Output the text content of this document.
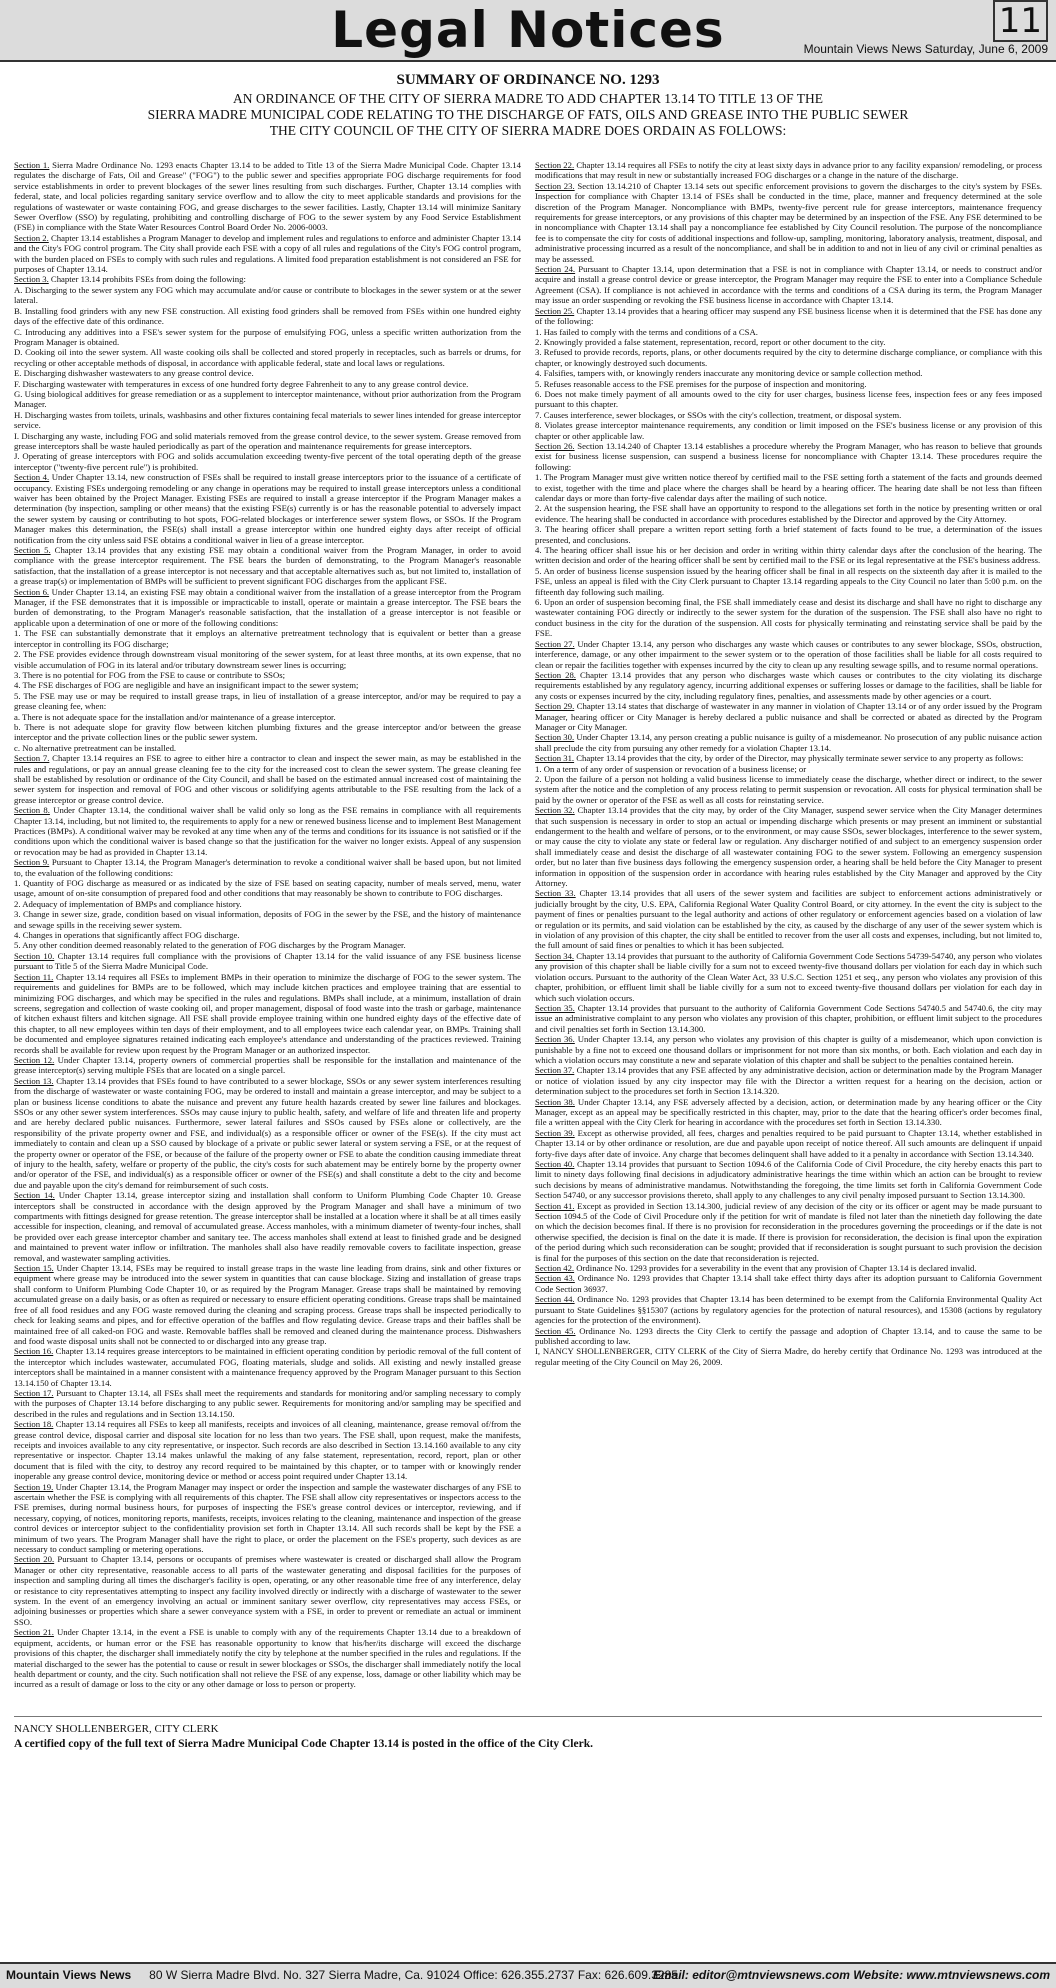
Legal Notices	11
Mountain Views News Saturday, June 6, 2009
SUMMARY OF ORDINANCE NO. 1293
AN ORDINANCE OF THE CITY OF SIERRA MADRE TO ADD CHAPTER 13.14 TO TITLE 13 OF THE
SIERRA MADRE MUNICIPAL CODE RELATING TO THE DISCHARGE OF FATS, OILS AND GREASE INTO THE PUBLIC SEWER
THE CITY COUNCIL OF THE CITY OF SIERRA MADRE DOES ORDAIN AS FOLLOWS:

Section 1. Sierra Madre Ordinance No. 1293 enacts Chapter 13.14 to be added to Title 13 of the Sierra Madre Municipal Code. Chapter 13.14 regulates the discharge of Fats, Oil and Grease" ("FOG") to the public sewer and specifies appropriate FOG discharge requirements for food service establishments in order to prevent blockages of the sewer lines resulting from such discharges. Further, Chapter 13.14 complies with federal, state, and local policies regarding sanitary service overflow and to allow the city to meet applicable standards and provisions for the regulations of wastewater or waste containing FOG, and grease discharges to the sewer facilities. Lastly, Chapter 13.14 will minimize Sanitary Sewer Overflow (SSO) by regulating, prohibiting and controlling discharge of FOG to the sewer system by any Food Service Establishment (FSE) in compliance with the State Water Resources Control Board Order No. 2006-0003.

Section 2. Chapter 13.14 establishes a Program Manager to develop and implement rules and regulations to enforce and administer Chapter 13.14 and the City's FOG control program. The City shall provide each FSE with a copy of all rules and regulations of the City's FOG control program, with the burden placed on FSEs to comply with such rules and regulations. A limited food preparation establishment is not considered an FSE for purposes of Chapter 13.14.

Section 3. Chapter 13.14 prohibits FSEs from doing the following:

A. Discharging to the sewer system any FOG which may accumulate and/or cause or contribute to blockages in the sewer system or at the sewer lateral.

B. Installing food grinders with any new FSE construction. All existing food grinders shall be removed from FSEs within one hundred eighty days of the effective date of this ordinance.

C. Introducing any additives into a FSE's sewer system for the purpose of emulsifying FOG, unless a specific written authorization from the Program Manager is obtained.

D. Cooking oil into the sewer system. All waste cooking oils shall be collected and stored properly in receptacles, such as barrels or drums, for recycling or other acceptable methods of disposal, in accordance with applicable federal, state and local laws or regulations.

E. Discharging dishwasher wastewaters to any grease control device.

F. Discharging wastewater with temperatures in excess of one hundred forty degree Fahrenheit to any to any grease control device.

G. Using biological additives for grease remediation or as a supplement to interceptor maintenance, without prior authorization from the Program Manager.

H. Discharging wastes from toilets, urinals, washbasins and other fixtures containing fecal materials to sewer lines intended for grease interceptor service.

I. Discharging any waste, including FOG and solid materials removed from the grease control device, to the sewer system. Grease removed from grease interceptors shall be waste hauled periodically as part of the operation and maintenance requirements for grease interceptors.

J. Operating of grease interceptors with FOG and solids accumulation exceeding twenty-five percent of the total operating depth of the grease interceptor ("twenty-five percent rule") is prohibited.

Section 4. Under Chapter 13.14, new construction of FSEs shall be required to install grease interceptors prior to the issuance of a certificate of occupancy. Existing FSEs undergoing remodeling or any change in operations may be required to install grease interceptors unless a conditional waiver has been obtained by the Project Manager. Existing FSEs are required to install a grease interceptor if the Program Manager makes a determination (by inspection, sampling or other means) that the existing FSE(s) currently is or has the reasonable potential to adversely impact the sewer system by causing or contributing to hot spots, FOG-related blockages or interference sewer system flows, or SSOs. If the Program Manager makes this determination, the FSE(s) shall install a grease interceptor within one hundred eighty days after receipt of official notification from the city unless said FSE obtains a conditional waiver in lieu of a grease interceptor.

Section 5. Chapter 13.14 provides that any existing FSE may obtain a conditional waiver from the Program Manager, in order to avoid compliance with the grease interceptor requirement. The FSE bears the burden of demonstrating, to the Program Manager's reasonable satisfaction, that the installation of a grease interceptor is not necessary and that acceptable alternatives such as, but not limited to, installation of a grease trap(s) or implementation of BMPs will be sufficient to prevent significant FOG discharges from the applicant FSE.

Section 6. Under Chapter 13.14, an existing FSE may obtain a conditional waiver from the installation of a grease interceptor from the Program Manager, if the FSE demonstrates that it is impossible or impracticable to install, operate or maintain a grease interceptor. The FSE bears the burden of demonstrating, to the Program Manager's reasonable satisfaction, that the installation of a grease interceptor is not feasible or applicable upon a determination of one or more of the following conditions:

1. The FSE can substantially demonstrate that it employs an alternative pretreatment technology that is equivalent or better than a grease interceptor in controlling its FOG discharge;

2. The FSE provides evidence through downstream visual monitoring of the sewer system, for at least three months, at its own expense, that no visible accumulation of FOG in its lateral and/or tributary downstream sewer lines is occurring;

3. There is no potential for FOG from the FSE to cause or contribute to SSOs;

4. The FSE discharges of FOG are negligible and have an insignificant impact to the sewer system;

5. The FSE may use or may be required to install grease traps, in lieu of installation of a grease interceptor, and/or may be required to pay a grease cleaning fee, when:

a. There is not adequate space for the installation and/or maintenance of a grease interceptor.

b. There is not adequate slope for gravity flow between kitchen plumbing fixtures and the grease interceptor and/or between the grease interceptor and the private collection lines or the public sewer system.

c. No alternative pretreatment can be installed.

Section 7. Chapter 13.14 requires an FSE to agree to either hire a contractor to clean and inspect the sewer main, as may be established in the rules and regulations, or pay an annual grease cleaning fee to the city for the increased cost to clean the sewer system. The grease cleaning fee shall be established by resolution or ordinance of the City Council, and shall be based on the estimated annual increased cost of maintaining the sewer system for inspection and removal of FOG and other viscous or solidifying agents attributable to the FSE resulting from the lack of a grease interceptor or grease control device.

Section 8. Under Chapter 13.14, the conditional waiver shall be valid only so long as the FSE remains in compliance with all requirements Chapter 13.14, including, but not limited to, the requirements to apply for a new or renewed business license and to implement Best Management Practices (BMPs). A conditional waiver may be revoked at any time when any of the terms and conditions for its issuance is not satisfied or if the conditions upon which the conditional waiver is based change so that the justification for the waiver no longer exists. Appeal of any suspension or revocation may be had as provided in Chapter 13.14.

Section 9. Pursuant to Chapter 13.14, the Program Manager's determination to revoke a conditional waiver shall be based upon, but not limited to, the evaluation of the following conditions:

1. Quantity of FOG discharge as measured or as indicated by the size of FSE based on seating capacity, number of meals served, menu, water usage, amount of on-site consumption of prepared food and other conditions that may reasonably be shown to contribute to FOG discharges.

2. Adequacy of implementation of BMPs and compliance history.

3. Change in sewer size, grade, condition based on visual information, deposits of FOG in the sewer by the FSE, and the history of maintenance and sewage spills in the receiving sewer system.

4. Changes in operations that significantly affect FOG discharge.

5. Any other condition deemed reasonably related to the generation of FOG discharges by the Program Manager.

Section 10. Chapter 13.14 requires full compliance with the provisions of Chapter 13.14 for the valid issuance of any FSE business license pursuant to Title 5 of the Sierra Madre Municipal Code.

Section 11. Chapter 13.14 requires all FSEs to implement BMPs in their operation to minimize the discharge of FOG to the sewer system. The requirements and guidelines for BMPs are to be followed, which may include kitchen practices and employee training that are essential to minimizing FOG discharges, and which may be specified in the rules and regulations. BMPs shall include, at a minimum, installation of drain screens, segregation and collection of waste cooking oil, and proper management, disposal of food waste into the trash or garbage, maintenance of kitchen exhaust filters and kitchen signage. All FSE shall provide employee training within one hundred eighty days of the effective date of this chapter, to all new employees within ten days of their employment, and to all employees twice each calendar year, on BMPs. Training shall be documented and employee signatures retained indicating each employee's attendance and understanding of the practices reviewed. Training records shall be available for review upon request by the Program Manager or an authorized inspector.

Section 12. Under Chapter 13.14, property owners of commercial properties shall be responsible for the installation and maintenance of the grease interceptor(s) serving multiple FSEs that are located on a single parcel.

Section 13. Chapter 13.14 provides that FSEs found to have contributed to a sewer blockage, SSOs or any sewer system interferences resulting from the discharge of wastewater or waste containing FOG, may be ordered to install and maintain a grease interceptor, and may be subject to a plan or business license conditions to abate the nuisance and prevent any future health hazards created by sewer line failures and blockages. SSOs or any other sewer system interferences. SSOs may cause injury to public health, safety, and welfare of life and threaten life and property and are hereby declared public nuisances. Furthermore, sewer lateral failures and SSOs caused by FSEs alone or collectively, are the responsibility of the private property owner and FSE, and individual(s) as a responsible officer or owner of the FSE(s). If the city must act immediately to contain and clean up a SSO caused by blockage of a private or public sewer lateral or system serving a FSE, or at the request of the property owner or operator of the FSE, or because of the failure of the property owner or FSE to abate the condition causing immediate threat of injury to the health, safety, welfare or property of the public, the city's costs for such abatement may be entirely borne by the property owner and/or operator of the FSE, and individual(s) as a responsible officer or owner of the FSE(s) and shall constitute a debt to the city and become due and payable upon the city's demand for reimbursement of such costs.

Section 14. Under Chapter 13.14, grease interceptor sizing and installation shall conform to Uniform Plumbing Code Chapter 10. Grease interceptors shall be constructed in accordance with the design approved by the Program Manager and shall have a minimum of two compartments with fittings designed for grease retention. The grease interceptor shall be installed at a location where it shall be at all times easily accessible for inspection, cleaning, and removal of accumulated grease. Access manholes, with a minimum diameter of twenty-four inches, shall be provided over each grease interceptor chamber and sanitary tee. The access manholes shall extend at least to finished grade and be designed and maintained to prevent water inflow or infiltration. The manholes shall also have readily removable covers to facilitate inspection, grease removal, and wastewater sampling activities.

Section 15. Under Chapter 13.14, FSEs may be required to install grease traps in the waste line leading from drains, sink and other fixtures or equipment where grease may be introduced into the sewer system in quantities that can cause blockage. Sizing and installation of grease traps shall conform to Uniform Plumbing Code Chapter 10, or as required by the Program Manager. Grease traps shall be maintained by removing accumulated grease on a daily basis, or as often as required or necessary to ensure efficient operating conditions. Grease traps shall be maintained free of all food residues and any FOG waste removed during the cleaning and scraping process. Grease traps shall be inspected periodically to check for leaking seams and pipes, and for effective operation of the baffles and flow regulating device. Grease traps and their baffles shall be maintained free of all caked-on FOG and waste. Removable baffles shall be removed and cleaned during the maintenance process. Dishwashers and food waste disposal units shall not be connected to or discharged into any grease trap.

Section 16. Chapter 13.14 requires grease interceptors to be maintained in efficient operating condition by periodic removal of the full content of the interceptor which includes wastewater, accumulated FOG, floating materials, sludge and solids. All existing and newly installed grease interceptors shall be maintained in a manner consistent with a maintenance frequency approved by the Program Manager pursuant to this Section 13.14.150 of Chapter 13.14.

Section 17. Pursuant to Chapter 13.14, all FSEs shall meet the requirements and standards for monitoring and/or sampling necessary to comply with the purposes of Chapter 13.14 before discharging to any public sewer. Requirements for monitoring and/or sampling may be specified and described in the rules and regulations and in Section 13.14.150.

Section 18. Chapter 13.14 requires all FSEs to keep all manifests, receipts and invoices of all cleaning, maintenance, grease removal of/from the grease control device, disposal carrier and disposal site location for no less than two years. The FSE shall, upon request, make the manifests, receipts and invoices available to any city representative, or inspector. Such records are also described in Section 13.14.160 available to any city representative or inspector. Chapter 13.14 makes unlawful the making of any false statement, representation, record, report, plan or other document that is filed with the city, to destroy any record required to be maintained by this chapter, or to tamper with or knowingly render inoperable any grease control device, monitoring device or method or access point required under Chapter 13.14.

Section 19. Under Chapter 13.14, the Program Manager may inspect or order the inspection and sample the wastewater discharges of any FSE to ascertain whether the FSE is complying with all requirements of this chapter. The FSE shall allow city representatives or inspectors access to the FSE premises, during normal business hours, for purposes of inspecting the FSE's grease control devices or interceptor, reviewing, and if necessary, copying, of notices, monitoring reports, manifests, receipts, invoices relating to the cleaning, maintenance and inspection of the grease control devices or interceptor subject to the confidentiality provision set forth in Chapter 13.14. All such records shall be kept by the FSE a minimum of two years. The Program Manager shall have the right to place, or order the placement on the FSE's property, such devices as are necessary to conduct sampling or metering operations.

Section 20. Pursuant to Chapter 13.14, persons or occupants of premises where wastewater is created or discharged shall allow the Program Manager or other city representative, reasonable access to all parts of the wastewater generating and disposal facilities for the purposes of inspection and sampling during all times the discharger's facility is open, operating, or any other reasonable time free of any interference, delay or resistance to city representatives attempting to inspect any facility involved directly or indirectly with a discharge of wastewater to the sewer system. In the event of an emergency involving an actual or imminent sanitary sewer overflow, city representatives may access FSEs, or adjoining businesses or properties which share a sewer conveyance system with a FSE, in order to prevent or remediate an actual or imminent SSO.

Section 21. Under Chapter 13.14, in the event a FSE is unable to comply with any of the requirements Chapter 13.14 due to a breakdown of equipment, accidents, or human error or the FSE has reasonable opportunity to know that his/her/its discharge will exceed the discharge provisions of this chapter, the discharger shall immediately notify the city by telephone at the number specified in the rules and regulations. If the material discharged to the sewer has the potential to cause or result in sewer blockages or SSOs, the discharger shall immediately notify the local health department or county, and the city. Such notification shall not relieve the FSE of any expense, loss, damage or other liability which may be incurred as a result of damage or loss to the city or any other damage or loss to person or property.

Section 22. Chapter 13.14 requires all FSEs to notify the city at least sixty days in advance prior to any facility expansion/ remodeling, or process modifications that may result in new or substantially increased FOG discharges or a change in the nature of the discharge.

Section 23. Section 13.14.210 of Chapter 13.14 sets out specific enforcement provisions to govern the discharges to the city's system by FSEs. Inspection for compliance with Chapter 13.14 of FSEs shall be conducted in the time, place, manner and frequency determined at the sole discretion of the Program Manager. Noncompliance with BMPs, twenty-five percent rule for grease interceptors, maintenance frequency requirements for grease interceptors, or any provisions of this chapter may be determined by an inspection of the FSE. Any FSE determined to be in noncompliance with Chapter 13.14 shall pay a noncompliance fee established by City Council resolution. The purpose of the noncompliance fee is to compensate the city for costs of additional inspections and follow-up, sampling, monitoring, laboratory analysis, treatment, disposal, and administrative processing incurred as a result of the noncompliance, and shall be in addition to and not in lieu of any civil or criminal penalties as may be assessed.

Section 24. Pursuant to Chapter 13.14, upon determination that a FSE is not in compliance with Chapter 13.14, or needs to construct and/or acquire and install a grease control device or grease interceptor, the Program Manager may require the FSE to enter into a Compliance Schedule Agreement (CSA). If compliance is not achieved in accordance with the terms and conditions of a CSA during its term, the Program Manager may issue an order suspending or revoking the FSE business license in accordance with Chapter 13.14.

Section 25. Chapter 13.14 provides that a hearing officer may suspend any FSE business license when it is determined that the FSE has done any of the following:

1. Has failed to comply with the terms and conditions of a CSA.

2. Knowingly provided a false statement, representation, record, report or other document to the city.

3. Refused to provide records, reports, plans, or other documents required by the city to determine discharge compliance, or compliance with this chapter, or knowingly destroyed such documents.

4. Falsifies, tampers with, or knowingly renders inaccurate any monitoring device or sample collection method.

5. Refuses reasonable access to the FSE premises for the purpose of inspection and monitoring.

6. Does not make timely payment of all amounts owed to the city for user charges, business license fees, inspection fees or any fees imposed pursuant to this chapter.

7. Causes interference, sewer blockages, or SSOs with the city's collection, treatment, or disposal system.

8. Violates grease interceptor maintenance requirements, any condition or limit imposed on the FSE's business license or any provision of this chapter or other applicable law.

Section 26. Section 13.14.240 of Chapter 13.14 establishes a procedure whereby the Program Manager, who has reason to believe that grounds exist for business license suspension, can suspend a business license for noncompliance with Chapter 13.14. These procedures require the following:

1. The Program Manager must give written notice thereof by certified mail to the FSE setting forth a statement of the facts and grounds deemed to exist, together with the time and place where the charges shall be heard by a hearing officer. The hearing date shall be not less than fifteen calendar days or more than forty-five calendar days after the mailing of such notice.

2. At the suspension hearing, the FSE shall have an opportunity to respond to the allegations set forth in the notice by presenting written or oral evidence. The hearing shall be conducted in accordance with procedures established by the Director and approved by the City Attorney.

3. The hearing officer shall prepare a written report setting forth a brief statement of facts found to be true, a determination of the issues presented, and conclusions.

4. The hearing officer shall issue his or her decision and order in writing within thirty calendar days after the conclusion of the hearing. The written decision and order of the hearing officer shall be sent by certified mail to the FSE or its legal representative at the FSE's business address.

5. An order of business license suspension issued by the hearing officer shall be final in all respects on the sixteenth day after it is mailed to the FSE, unless an appeal is filed with the City Clerk pursuant to Chapter 13.14 regarding appeals to the City Council no later than 5:00 p.m. on the fifteenth day following such mailing.

6. Upon an order of suspension becoming final, the FSE shall immediately cease and desist its discharge and shall have no right to discharge any wastewater containing FOG directly or indirectly to the sewer system for the duration of the suspension. The FSE shall also have no right to conduct business in the city for the duration of the suspension. All costs for physically terminating and reinstating service shall be paid by the FSE.

Section 27. Under Chapter 13.14, any person who discharges any waste which causes or contributes to any sewer blockage, SSOs, obstruction, interference, damage, or any other impairment to the sewer system or to the operation of those facilities shall be liable for all costs required to clean or repair the facilities together with expenses incurred by the city to clean up any resulting sewage spills, and to resume normal operations.

Section 28. Chapter 13.14 provides that any person who discharges waste which causes or contributes to the city violating its discharge requirements established by any regulatory agency, incurring additional expenses or suffering losses or damage to the facilities, shall be liable for any costs or expenses incurred by the city, including regulatory fines, penalties, and assessments made by other agencies or a court.

Section 29. Chapter 13.14 states that discharge of wastewater in any manner in violation of Chapter 13.14 or of any order issued by the Program Manager, hearing officer or City Manager is hereby declared a public nuisance and shall be corrected or abated as directed by the Program Manager or City Manager.

Section 30. Under Chapter 13.14, any person creating a public nuisance is guilty of a misdemeanor. No prosecution of any public nuisance action shall preclude the city from pursuing any other remedy for a violation Chapter 13.14.

Section 31. Chapter 13.14 provides that the city, by order of the Director, may physically terminate sewer service to any property as follows:

1. On a term of any order of suspension or revocation of a business license; or

2. Upon the failure of a person not holding a valid business license to immediately cease the discharge, whether direct or indirect, to the sewer system after the notice and the completion of any process relating to permit suspension or revocation. All costs for physical termination shall be paid by the owner or operator of the FSE as well as all costs for reinstating service.

Section 32. Chapter 13.14 provides that the city may, by order of the City Manager, suspend sewer service when the City Manager determines that such suspension is necessary in order to stop an actual or impending discharge which presents or may present an imminent or substantial endangerment to the health and welfare of persons, or to the environment, or may cause SSOs, sewer blockages, interference to the sewer system, or may cause the city to violate any state or federal law or regulation. Any discharger notified of and subject to an emergency suspension order shall immediately cease and desist the discharge of all wastewater containing FOG to the sewer system. Following an emergency suspension order, but no later than five business days following the emergency suspension order, a hearing shall be held before the City Manager to present information in opposition of the suspension order in accordance with hearing rules established by the City Manager and approved by the City Attorney.

Section 33. Chapter 13.14 provides that all users of the sewer system and facilities are subject to enforcement actions administratively or judicially brought by the city, U.S. EPA, California Regional Water Quality Control Board, or city attorney. In the event the city is subject to the payment of fines or penalties pursuant to the legal authority and actions of other regulatory or enforcement agencies based on a violation of law or regulation or its permits, and said violation can be established by the city, as caused by the discharge of any user of the sewer system which is in violation of any provision of this chapter, the city shall be entitled to recover from the user all costs and expenses, including, but not limited to, the full amount of said fines or penalties to which it has been subjected.

Section 34. Chapter 13.14 provides that pursuant to the authority of California Government Code Sections 54739-54740, any person who violates any provision of this chapter shall be liable civilly for a sum not to exceed twenty-five thousand dollars per violation for each day in which such violation occurs. Pursuant to the authority of the Clean Water Act, 33 U.S.C. Section 1251 et seq., any person who violates any provision of this chapter, prohibition, or effluent limit shall be liable civilly for a sum not to exceed twenty-five thousand dollars per violation for each day in which such violation occurs.

Section 35. Chapter 13.14 provides that pursuant to the authority of California Government Code Sections 54740.5 and 54740.6, the city may issue an administrative complaint to any person who violates any provision of this chapter, prohibition, or effluent limit subject to the procedures and civil penalties set forth in Section 13.14.300.

Section 36. Under Chapter 13.14, any person who violates any provision of this chapter is guilty of a misdemeanor, which upon conviction is punishable by a fine not to exceed one thousand dollars or imprisonment for not more than six months, or both. Each violation and each day in which a violation occurs may constitute a new and separate violation of this chapter and shall be subject to the penalties contained herein.

Section 37. Chapter 13.14 provides that any FSE affected by any administrative decision, action or determination made by the Program Manager or notice of violation issued by any city inspector may file with the Director a written request for a hearing on the decision, action or determination subject to the procedures set forth in Section 13.14.320.

Section 38. Under Chapter 13.14, any FSE adversely affected by a decision, action, or determination made by any hearing officer or the City Manager, except as an appeal may be specifically restricted in this chapter, may, prior to the date that the hearing officer's order becomes final, file a written appeal with the City Clerk for hearing in accordance with the procedures set forth in Section 13.14.330.

Section 39. Except as otherwise provided, all fees, charges and penalties required to be paid pursuant to Chapter 13.14, whether established in Chapter 13.14 or by other ordinance or resolution, are due and payable upon receipt of notice thereof. All such amounts are delinquent if unpaid forty-five days after date of invoice. Any charge that becomes delinquent shall have added to it a penalty in accordance with Section 13.14.340.

Section 40. Chapter 13.14 provides that pursuant to Section 1094.6 of the California Code of Civil Procedure, the city hereby enacts this part to limit to ninety days following final decisions in adjudicatory administrative hearings the time within which an action can be brought to review such decisions by means of administrative mandamus. Notwithstanding the foregoing, the time limits set forth in California Government Code Section 54740, or any successor provisions thereto, shall apply to any challenges to any civil penalty imposed pursuant to Section 13.14.300.

Section 41. Except as provided in Section 13.14.300, judicial review of any decision of the city or its officer or agent may be made pursuant to Section 1094.5 of the Code of Civil Procedure only if the petition for writ of mandate is filed not later than the ninetieth day following the date on which the decision becomes final. If there is no provision for reconsideration in the procedures governing the proceedings or if the date is not otherwise specified, the decision is final on the date it is made. If there is provision for reconsideration, the decision is final upon the expiration of the period during which such reconsideration can be sought; provided that if reconsideration is sought pursuant to such provision the decision is final for the purposes of this section on the date that reconsideration is rejected.

Section 42. Ordinance No. 1293 provides for a severability in the event that any provision of Chapter 13.14 is declared invalid.

Section 43. Ordinance No. 1293 provides that Chapter 13.14 shall take effect thirty days after its adoption pursuant to California Government Code Section 36937.

Section 44. Ordinance No. 1293 provides that Chapter 13.14 has been determined to be exempt from the California Environmental Quality Act pursuant to State Guidelines §§15307 (actions by regulatory agencies for the protection of natural resources), and 15308 (actions by regulatory agencies for the protection of the environment).

Section 45. Ordinance No. 1293 directs the City Clerk to certify the passage and adoption of Chapter 13.14, and to cause the same to be published according to law.

I, NANCY SHOLLENBERGER, CITY CLERK of the City of Sierra Madre, do hereby certify that Ordinance No. 1293 was introduced at the regular meeting of the City Council on May 26, 2009.

NANCY SHOLLENBERGER, CITY CLERK
A certified copy of the full text of Sierra Madre Municipal Code Chapter 13.14 is posted in the office of the City Clerk.
Mountain Views News 80 W Sierra Madre Blvd. No. 327 Sierra Madre, Ca. 91024 Office: 626.355.2737 Fax: 626.609.3285
Email: editor@mtnviewsnews.com Website: www.mtnviewsnews.com
